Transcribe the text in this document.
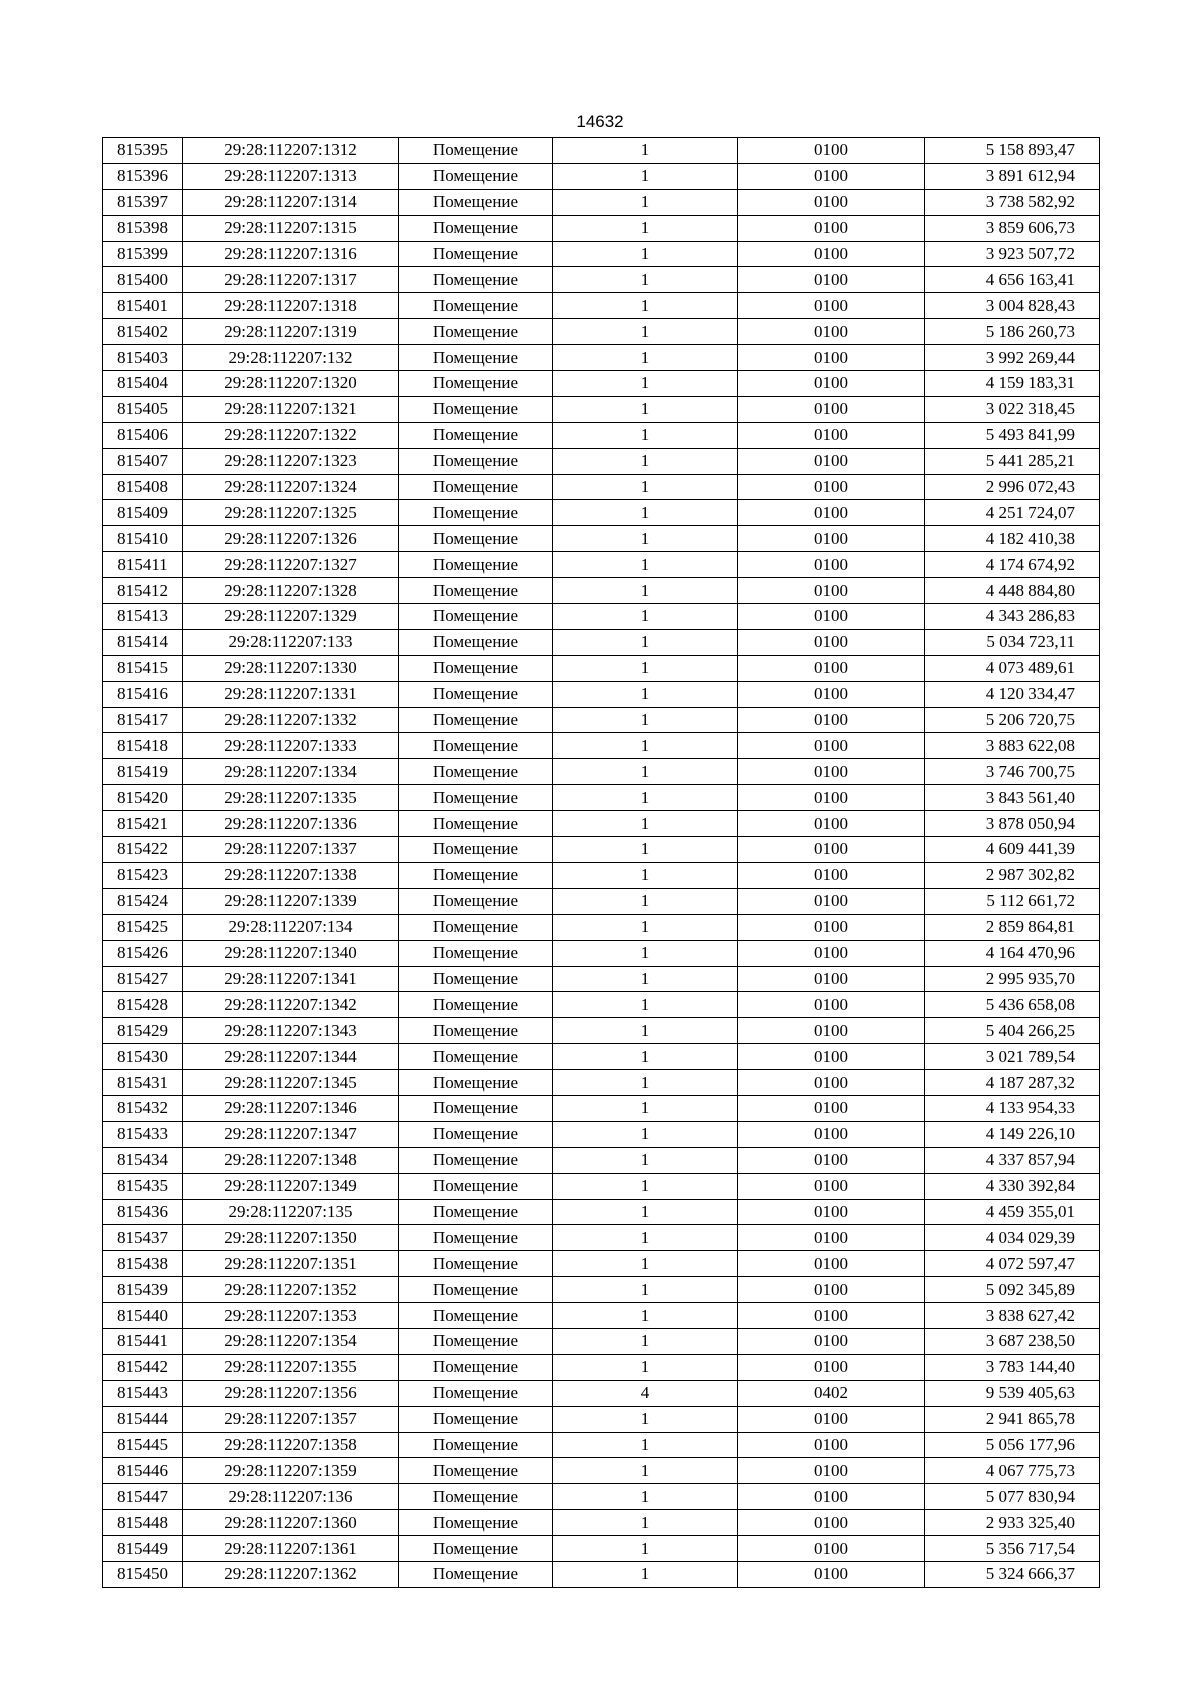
14632
815395	29:28:112207:1312	Помещение	1	0100	5 158 893,47
815396	29:28:112207:1313	Помещение	1	0100	3 891 612,94
815397	29:28:112207:1314	Помещение	1	0100	3 738 582,92
815398	29:28:112207:1315	Помещение	1	0100	3 859 606,73
815399	29:28:112207:1316	Помещение	1	0100	3 923 507,72
815400	29:28:112207:1317	Помещение	1	0100	4 656 163,41
815401	29:28:112207:1318	Помещение	1	0100	3 004 828,43
815402	29:28:112207:1319	Помещение	1	0100	5 186 260,73
815403	29:28:112207:132	Помещение	1	0100	3 992 269,44
815404	29:28:112207:1320	Помещение	1	0100	4 159 183,31
815405	29:28:112207:1321	Помещение	1	0100	3 022 318,45
815406	29:28:112207:1322	Помещение	1	0100	5 493 841,99
815407	29:28:112207:1323	Помещение	1	0100	5 441 285,21
815408	29:28:112207:1324	Помещение	1	0100	2 996 072,43
815409	29:28:112207:1325	Помещение	1	0100	4 251 724,07
815410	29:28:112207:1326	Помещение	1	0100	4 182 410,38
815411	29:28:112207:1327	Помещение	1	0100	4 174 674,92
815412	29:28:112207:1328	Помещение	1	0100	4 448 884,80
815413	29:28:112207:1329	Помещение	1	0100	4 343 286,83
815414	29:28:112207:133	Помещение	1	0100	5 034 723,11
815415	29:28:112207:1330	Помещение	1	0100	4 073 489,61
815416	29:28:112207:1331	Помещение	1	0100	4 120 334,47
815417	29:28:112207:1332	Помещение	1	0100	5 206 720,75
815418	29:28:112207:1333	Помещение	1	0100	3 883 622,08
815419	29:28:112207:1334	Помещение	1	0100	3 746 700,75
815420	29:28:112207:1335	Помещение	1	0100	3 843 561,40
815421	29:28:112207:1336	Помещение	1	0100	3 878 050,94
815422	29:28:112207:1337	Помещение	1	0100	4 609 441,39
815423	29:28:112207:1338	Помещение	1	0100	2 987 302,82
815424	29:28:112207:1339	Помещение	1	0100	5 112 661,72
815425	29:28:112207:134	Помещение	1	0100	2 859 864,81
815426	29:28:112207:1340	Помещение	1	0100	4 164 470,96
815427	29:28:112207:1341	Помещение	1	0100	2 995 935,70
815428	29:28:112207:1342	Помещение	1	0100	5 436 658,08
815429	29:28:112207:1343	Помещение	1	0100	5 404 266,25
815430	29:28:112207:1344	Помещение	1	0100	3 021 789,54
815431	29:28:112207:1345	Помещение	1	0100	4 187 287,32
815432	29:28:112207:1346	Помещение	1	0100	4 133 954,33
815433	29:28:112207:1347	Помещение	1	0100	4 149 226,10
815434	29:28:112207:1348	Помещение	1	0100	4 337 857,94
815435	29:28:112207:1349	Помещение	1	0100	4 330 392,84
815436	29:28:112207:135	Помещение	1	0100	4 459 355,01
815437	29:28:112207:1350	Помещение	1	0100	4 034 029,39
815438	29:28:112207:1351	Помещение	1	0100	4 072 597,47
815439	29:28:112207:1352	Помещение	1	0100	5 092 345,89
815440	29:28:112207:1353	Помещение	1	0100	3 838 627,42
815441	29:28:112207:1354	Помещение	1	0100	3 687 238,50
815442	29:28:112207:1355	Помещение	1	0100	3 783 144,40
815443	29:28:112207:1356	Помещение	4	0402	9 539 405,63
815444	29:28:112207:1357	Помещение	1	0100	2 941 865,78
815445	29:28:112207:1358	Помещение	1	0100	5 056 177,96
815446	29:28:112207:1359	Помещение	1	0100	4 067 775,73
815447	29:28:112207:136	Помещение	1	0100	5 077 830,94
815448	29:28:112207:1360	Помещение	1	0100	2 933 325,40
815449	29:28:112207:1361	Помещение	1	0100	5 356 717,54
815450	29:28:112207:1362	Помещение	1	0100	5 324 666,37
